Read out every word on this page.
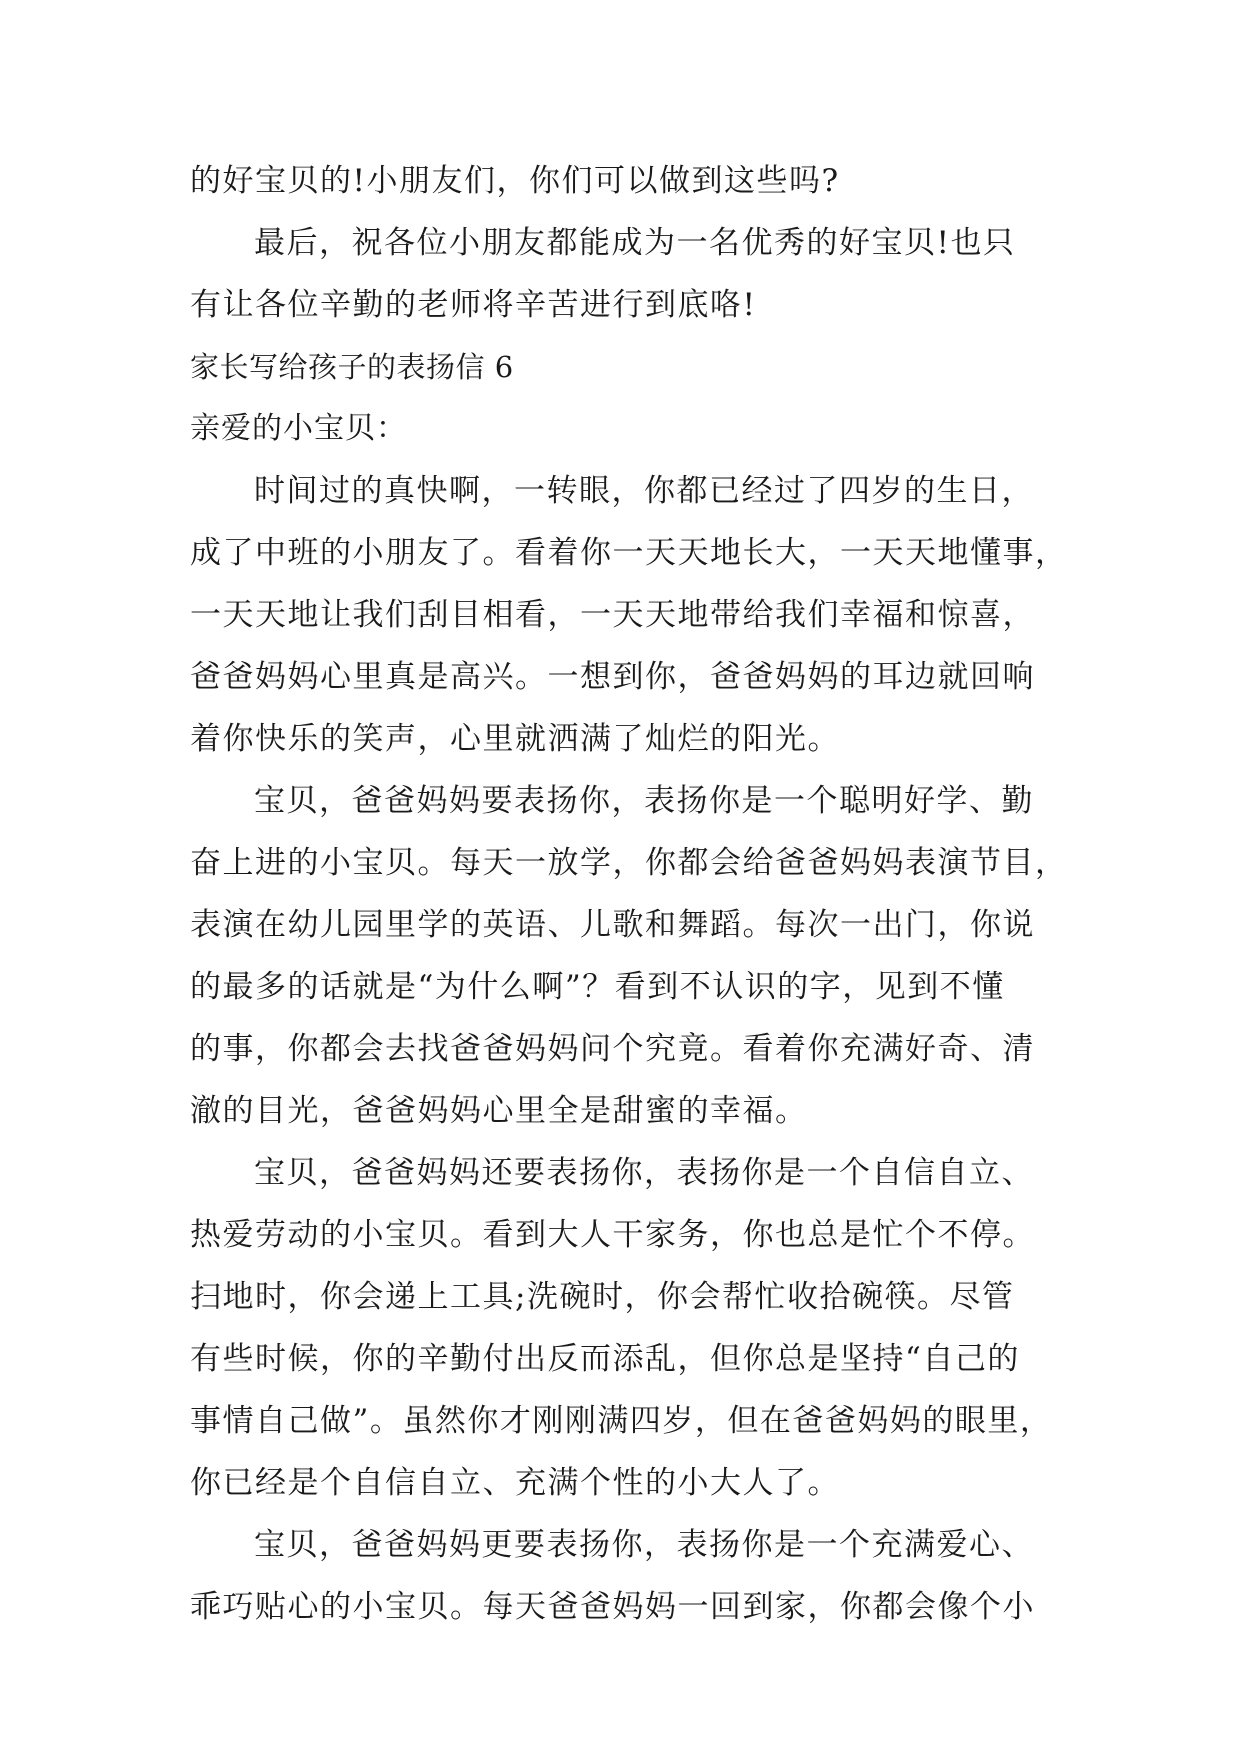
的好宝贝的!小朋友们，你们可以做到这些吗?
最后，祝各位小朋友都能成为一名优秀的好宝贝!也只
有让各位辛勤的老师将辛苦进行到底咯!
家长写给孩子的表扬信 6
亲爱的小宝贝：
时间过的真快啊，一转眼，你都已经过了四岁的生日，
成了中班的小朋友了。看着你一天天地长大，一天天地懂事，
一天天地让我们刮目相看，一天天地带给我们幸福和惊喜，
爸爸妈妈心里真是高兴。一想到你，爸爸妈妈的耳边就回响
着你快乐的笑声，心里就洒满了灿烂的阳光。
宝贝，爸爸妈妈要表扬你，表扬你是一个聪明好学、勤
奋上进的小宝贝。每天一放学，你都会给爸爸妈妈表演节目，
表演在幼儿园里学的英语、儿歌和舞蹈。每次一出门，你说
的最多的话就是“为什么啊”？看到不认识的字，见到不懂
的事，你都会去找爸爸妈妈问个究竟。看着你充满好奇、清
澈的目光，爸爸妈妈心里全是甜蜜的幸福。
宝贝，爸爸妈妈还要表扬你，表扬你是一个自信自立、
热爱劳动的小宝贝。看到大人干家务，你也总是忙个不停。
扫地时，你会递上工具;洗碗时，你会帮忙收拾碗筷。尽管
有些时候，你的辛勤付出反而添乱，但你总是坚持“自己的
事情自己做”。虽然你才刚刚满四岁，但在爸爸妈妈的眼里，
你已经是个自信自立、充满个性的小大人了。
宝贝，爸爸妈妈更要表扬你，表扬你是一个充满爱心、
乖巧贴心的小宝贝。每天爸爸妈妈一回到家，你都会像个小
